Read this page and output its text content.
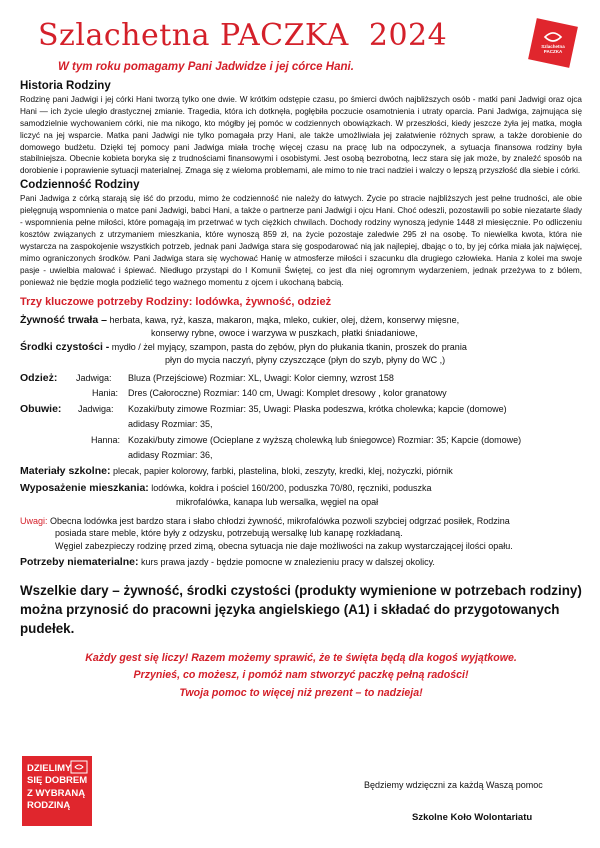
Szlachetna PACZKA 2024	Szlachetna
PACZKA
W tym roku pomagamy Pani Jadwidze i jej córce Hani.
Historia Rodziny

Rodzinę pani Jadwigi i jej córki Hani tworzą tylko one dwie. W krótkim odstępie czasu, po śmierci dwóch najbliższych osób - matki pani Jadwigi oraz ojca Hani — ich życie uległo drastycznej zmianie. Tragedia, która ich dotknęła, pogłębiła poczucie osamotnienia i utraty oparcia. Pani Jadwiga, zajmująca się samodzielnie wychowaniem córki, nie ma nikogo, kto mógłby jej pomóc w codziennych obowiązkach. W przeszłości, kiedy jeszcze żyła jej matka, mogła liczyć na jej wsparcie. Matka pani Jadwigi nie tylko pomagała przy Hani, ale także umożliwiała jej załatwienie różnych spraw, a także dorobienie do domowego budżetu. Dzięki tej pomocy pani Jadwiga miała trochę więcej czasu na pracę lub na odpoczynek, a sytuacja finansowa rodziny była stabilniejsza. Obecnie kobieta boryka się z trudnościami finansowymi i osobistymi. Jest osobą bezrobotną, lecz stara się jak może, by znaleźć sposób na dorobienie i poprawienie sytuacji materialnej. Zmaga się z wieloma problemami, ale mimo to nie traci nadziei i walczy o lepszą przyszłość dla siebie i córki.

Codzienność Rodziny

Pani Jadwiga z córką starają się iść do przodu, mimo że codzienność nie należy do łatwych. Życie po stracie najbliższych jest pełne trudności, ale obie pielęgnują wspomnienia o matce pani Jadwigi, babci Hani, a także o partnerze pani Jadwigi i ojcu Hani. Choć odeszli, pozostawili po sobie niezatarte ślady - wspomnienia pełne miłości, które pomagają im przetrwać w tych ciężkich chwilach. Dochody rodziny wynoszą jedynie 1448 zł miesięcznie. Po odliczeniu kosztów związanych z utrzymaniem mieszkania, które wynoszą 859 zł, na życie pozostaje zaledwie 295 zł na osobę. To niewielka kwota, która nie wystarcza na zaspokojenie wszystkich potrzeb, jednak pani Jadwiga stara się gospodarować nią jak najlepiej, dbając o to, by jej córka miała jak najwięcej, mimo ograniczonych środków. Pani Jadwiga stara się wychować Hanię w atmosferze miłości i szacunku dla drugiego człowieka. Hania z kolei ma swoje pasje - uwielbia malować i śpiewać. Niedługo przystąpi do I Komunii Świętej, co jest dla niej ogromnym wydarzeniem, jednak przeżywa to z bólem, ponieważ nie będzie mogła podzielić tego ważnego momentu z ojcem i ukochaną babcią.

Trzy kluczowe potrzeby Rodziny: lodówka, żywność, odzież
Żywność trwała –
herbata, kawa, ryż, kasza, makaron, mąka, mleko, cukier, olej, dżem, konserwy mięsne,
konserwy rybne, owoce i warzywa w puszkach, płatki śniadaniowe,
Środki czystości -
mydło / żel myjący, szampon, pasta do zębów, płyn do płukania tkanin, proszek do prania
płyn do mycia naczyń, płyny czyszczące (płyn do szyb, płyny do WC ,)
Odzież:	Jadwiga:	Bluza (Przejściowe) Rozmiar: XL, Uwagi: Kolor ciemny, wzrost 158
Hania:	Dres (Całoroczne) Rozmiar: 140 cm, Uwagi: Komplet dresowy , kolor granatowy
Obuwie:	Jadwiga:	Kozaki/buty zimowe Rozmiar: 35, Uwagi: Płaska podeszwa, krótka cholewka; kapcie (domowe)
adidasy Rozmiar: 35,
Hanna: Kozaki/buty zimowe (Ocieplane z wyższą cholewką lub śniegowce) Rozmiar: 35; Kapcie (domowe)
adidasy Rozmiar: 36,
Materiały szkolne:
plecak, papier kolorowy, farbki, plastelina, bloki, zeszyty, kredki, klej, nożyczki, piórnik
Wyposażenie mieszkania:
lodówka, kołdra i pościel 160/200, poduszka 70/80, ręczniki, poduszka
mikrofalówka, kanapa lub wersalka, węgiel na opał
Uwagi: Obecna lodówka jest bardzo stara i słabo chłodzi żywność, mikrofalówka pozwoli szybciej odgrzać posiłek, Rodzina
posiada stare meble, które były z odzysku, potrzebują wersalkę lub kanapę rozkładaną.
Węgiel zabezpieczy rodzinę przed zimą, obecna sytuacja nie daje możliwości na zakup wystarczającej ilości opału.
Potrzeby niematerialne:
kurs prawa jazdy - będzie pomocne w znalezieniu pracy w dalszej okolicy.
Wszelkie dary – żywność, środki czystości (produkty wymienione w potrzebach rodziny) można przynosić do pracowni języka angielskiego (A1) i składać do przygotowanych pudełek.
Każdy gest się liczy! Razem możemy sprawić, że te święta będą dla kogoś wyjątkowe.
Przynieś, co możesz, i pomóż nam stworzyć paczkę pełną radości!
Twoja pomoc to więcej niż prezent – to nadzieja!
DZIELIMY
SIĘ DOBREM
Z WYBRANĄ
RODZINĄ
Będziemy wdzięczni za każdą Waszą pomoc
Szkolne Koło Wolontariatu
